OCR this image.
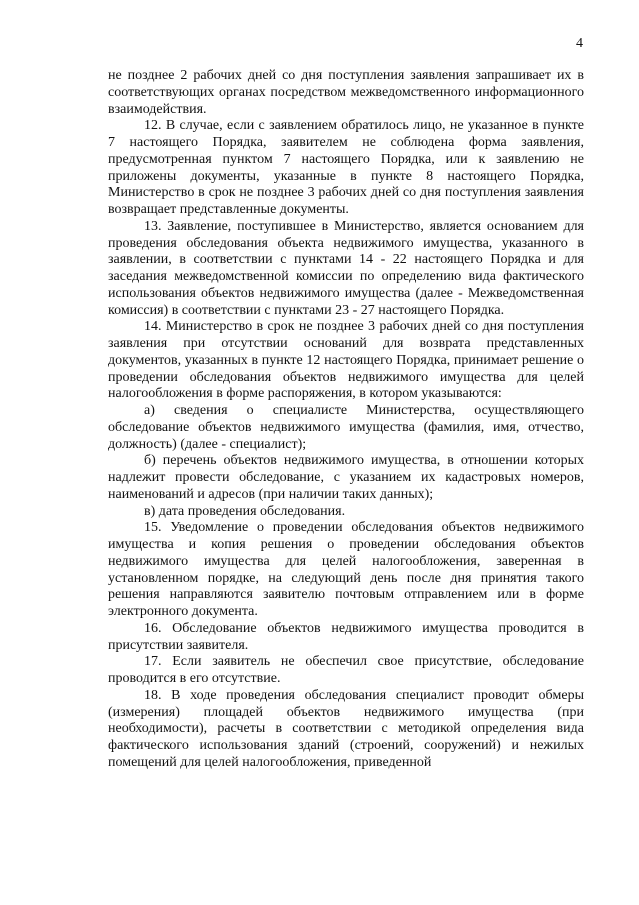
4

не позднее 2 рабочих дней со дня поступления заявления запрашивает их в соответствующих органах посредством межведомственного информационного взаимодействия.

12. В случае, если с заявлением обратилось лицо, не указанное в пункте 7 настоящего Порядка, заявителем не соблюдена форма заявления, предусмотренная пунктом 7 настоящего Порядка, или к заявлению не приложены документы, указанные в пункте 8 настоящего Порядка, Министерство в срок не позднее 3 рабочих дней со дня поступления заявления возвращает представленные документы.

13. Заявление, поступившее в Министерство, является основанием для проведения обследования объекта недвижимого имущества, указанного в заявлении, в соответствии с пунктами 14 - 22 настоящего Порядка и для заседания межведомственной комиссии по определению вида фактического использования объектов недвижимого имущества (далее - Межведомственная комиссия) в соответствии с пунктами 23 - 27 настоящего Порядка.

14. Министерство в срок не позднее 3 рабочих дней со дня поступления заявления при отсутствии оснований для возврата представленных документов, указанных в пункте 12 настоящего Порядка, принимает решение о проведении обследования объектов недвижимого имущества для целей налогообложения в форме распоряжения, в котором указываются:

а) сведения о специалисте Министерства, осуществляющего обследование объектов недвижимого имущества (фамилия, имя, отчество, должность) (далее - специалист);

б) перечень объектов недвижимого имущества, в отношении которых надлежит провести обследование, с указанием их кадастровых номеров, наименований и адресов (при наличии таких данных);

в) дата проведения обследования.

15. Уведомление о проведении обследования объектов недвижимого имущества и копия решения о проведении обследования объектов недвижимого имущества для целей налогообложения, заверенная в установленном порядке, на следующий день после дня принятия такого решения направляются заявителю почтовым отправлением или в форме электронного документа.

16. Обследование объектов недвижимого имущества проводится в присутствии заявителя.

17. Если заявитель не обеспечил свое присутствие, обследование проводится в его отсутствие.

18. В ходе проведения обследования специалист проводит обмеры (измерения) площадей объектов недвижимого имущества (при необходимости), расчеты в соответствии с методикой определения вида фактического использования зданий (строений, сооружений) и нежилых помещений для целей налогообложения, приведенной
